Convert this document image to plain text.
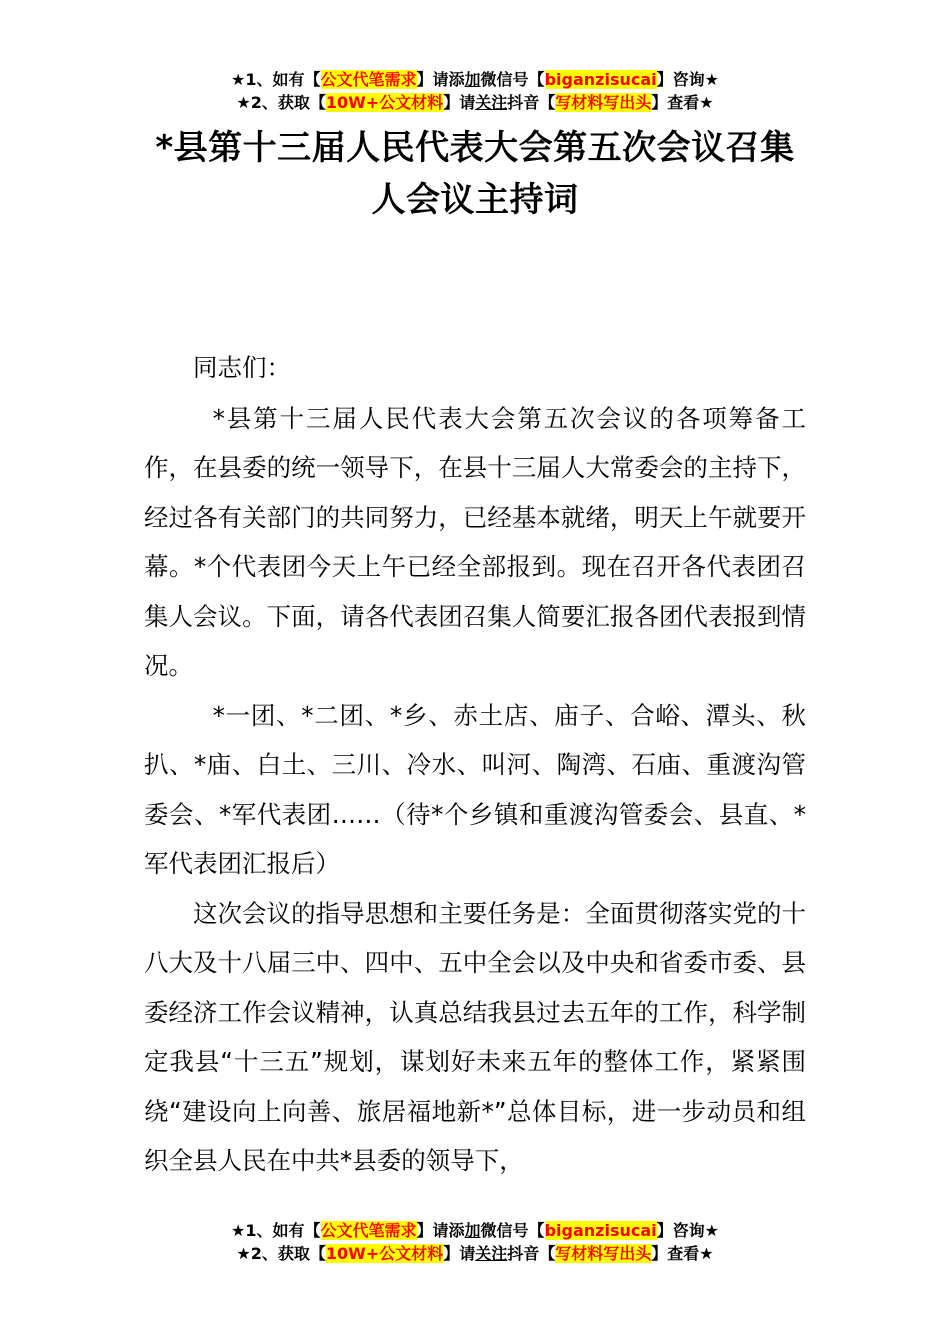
★1、如有【公文代笔需求】请添加微信号【biganzisucai】咨询★
★2、获取【10W+公文材料】请关注抖音【写材料写出头】查看★
*县第十三届人民代表大会第五次会议召集人会议主持词

同志们：

*县第十三届人民代表大会第五次会议的各项筹备工作，在县委的统一领导下，在县十三届人大常委会的主持下，经过各有关部门的共同努力，已经基本就绪，明天上午就要开幕。*个代表团今天上午已经全部报到。现在召开各代表团召集人会议。下面，请各代表团召集人简要汇报各团代表报到情况。

*一团、*二团、*乡、赤土店、庙子、合峪、潭头、秋扒、*庙、白土、三川、冷水、叫河、陶湾、石庙、重渡沟管委会、*军代表团……（待*个乡镇和重渡沟管委会、县直、*军代表团汇报后）

这次会议的指导思想和主要任务是：全面贯彻落实党的十八大及十八届三中、四中、五中全会以及中央和省委市委、县委经济工作会议精神，认真总结我县过去五年的工作，科学制定我县“十三五”规划，谋划好未来五年的整体工作，紧紧围绕“建设向上向善、旅居福地新*”总体目标，进一步动员和组织全县人民在中共*县委的领导下，

★1、如有【公文代笔需求】请添加微信号【biganzisucai】咨询★
★2、获取【10W+公文材料】请关注抖音【写材料写出头】查看★
